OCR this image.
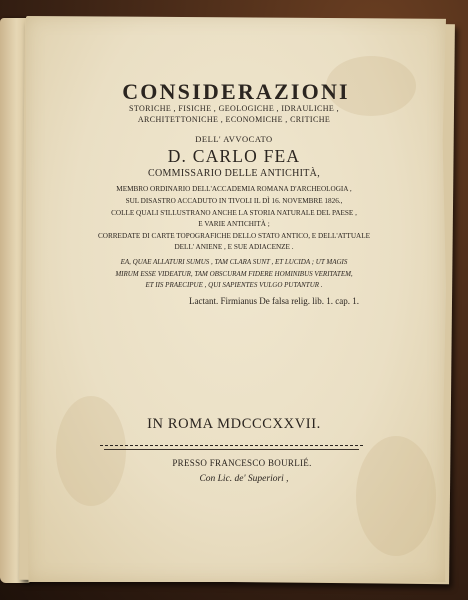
CONSIDERAZIONI
STORICHE , FISICHE , GEOLOGICHE , IDRAULICHE ,
ARCHITETTONICHE , ECONOMICHE , CRITICHE
DELL' AVVOCATO
D. CARLO FEA
COMMISSARIO DELLE ANTICHITÀ,
MEMBRO ORDINARIO DELL'ACCADEMIA ROMANA D'ARCHEOLOGIA ,
SUL DISASTRO ACCADUTO IN TIVOLI IL DÌ 16. NOVEMBRE 1826.,
COLLE QUALI S'ILLUSTRANO ANCHE LA STORIA NATURALE DEL PAESE ,
E VARIE ANTICHITÀ ;
CORREDATE DI CARTE TOPOGRAFICHE DELLO STATO ANTICO, E DELL'ATTUALE
DELL' ANIENE , E SUE ADIACENZE .
EA, QUAE ALLATURI SUMUS , TAM CLARA SUNT , ET LUCIDA ; UT MAGIS
MIRUM ESSE VIDEATUR, TAM OBSCURAM FIDERE HOMINIBUS VERITATEM,
ET IIS PRAECIPUE , QUI SAPIENTES VULGO PUTANTUR .
Lactant. Firmianus De falsa relig. lib. 1. cap. 1.
IN ROMA MDCCCXXVII.
PRESSO FRANCESCO BOURLIÉ.
Con Lic. de' Superiori ,
